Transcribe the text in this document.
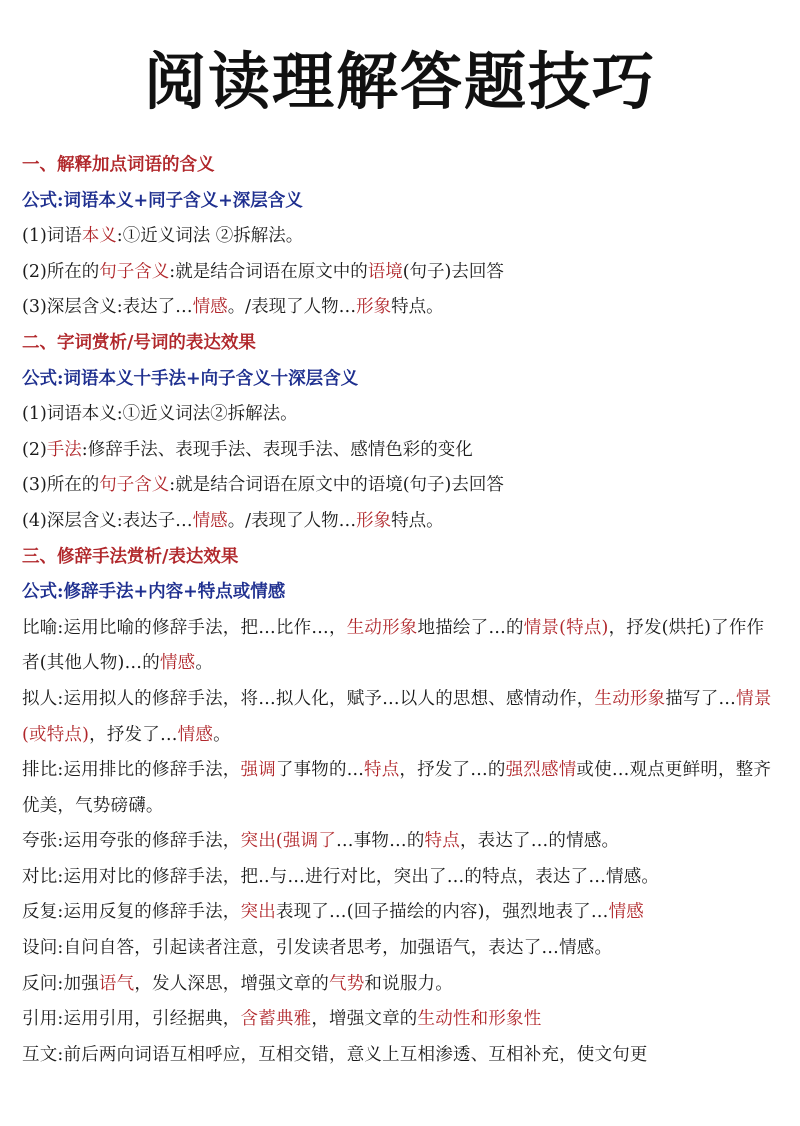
阅读理解答题技巧
一、解释加点词语的含义
公式:词语本义+同子含义+深层含义
(1)词语本义:①近义词法 ②拆解法。
(2)所在的句子含义:就是结合词语在原文中的语境(句子)去回答
(3)深层含义:表达了…情感。/表现了人物…形象特点。
二、字词赏析/号词的表达效果
公式:词语本义十手法+向子含义十深层含义
(1)词语本义:①近义词法②拆解法。
(2)手法:修辞手法、表现手法、表现手法、感情色彩的变化
(3)所在的句子含义:就是结合词语在原文中的语境(句子)去回答
(4)深层含义:表达子…情感。/表现了人物…形象特点。
三、修辞手法赏析/表达效果
公式:修辞手法+内容+特点或情感
比喻:运用比喻的修辞手法，把…比作…，生动形象地描绘了…的情景(特点)，抒发(烘托)了作作者(其他人物)…的情感。
拟人:运用拟人的修辞手法，将…拟人化，赋予…以人的思想、感情动作，生动形象描写了…情景(或特点)，抒发了…情感。
排比:运用排比的修辞手法，强调了事物的...特点，抒发了…的强烈感情或使…观点更鲜明，整齐优美，气势磅礴。
夸张:运用夸张的修辞手法，突出(强调了…事物…的特点，表达了…的情感。
对比:运用对比的修辞手法，把..与…进行对比，突出了…的特点，表达了…情感。
反复:运用反复的修辞手法，突出表现了…(回子描绘的内容)，强烈地表了…情感
设问:自问自答，引起读者注意，引发读者思考，加强语气，表达了…情感。
反问:加强语气，发人深思，增强文章的气势和说服力。
引用:运用引用，引经据典，含蓄典雅，增强文章的生动性和形象性
互文:前后两向词语互相呼应，互相交错，意义上互相渗透、互相补充，使文句更
